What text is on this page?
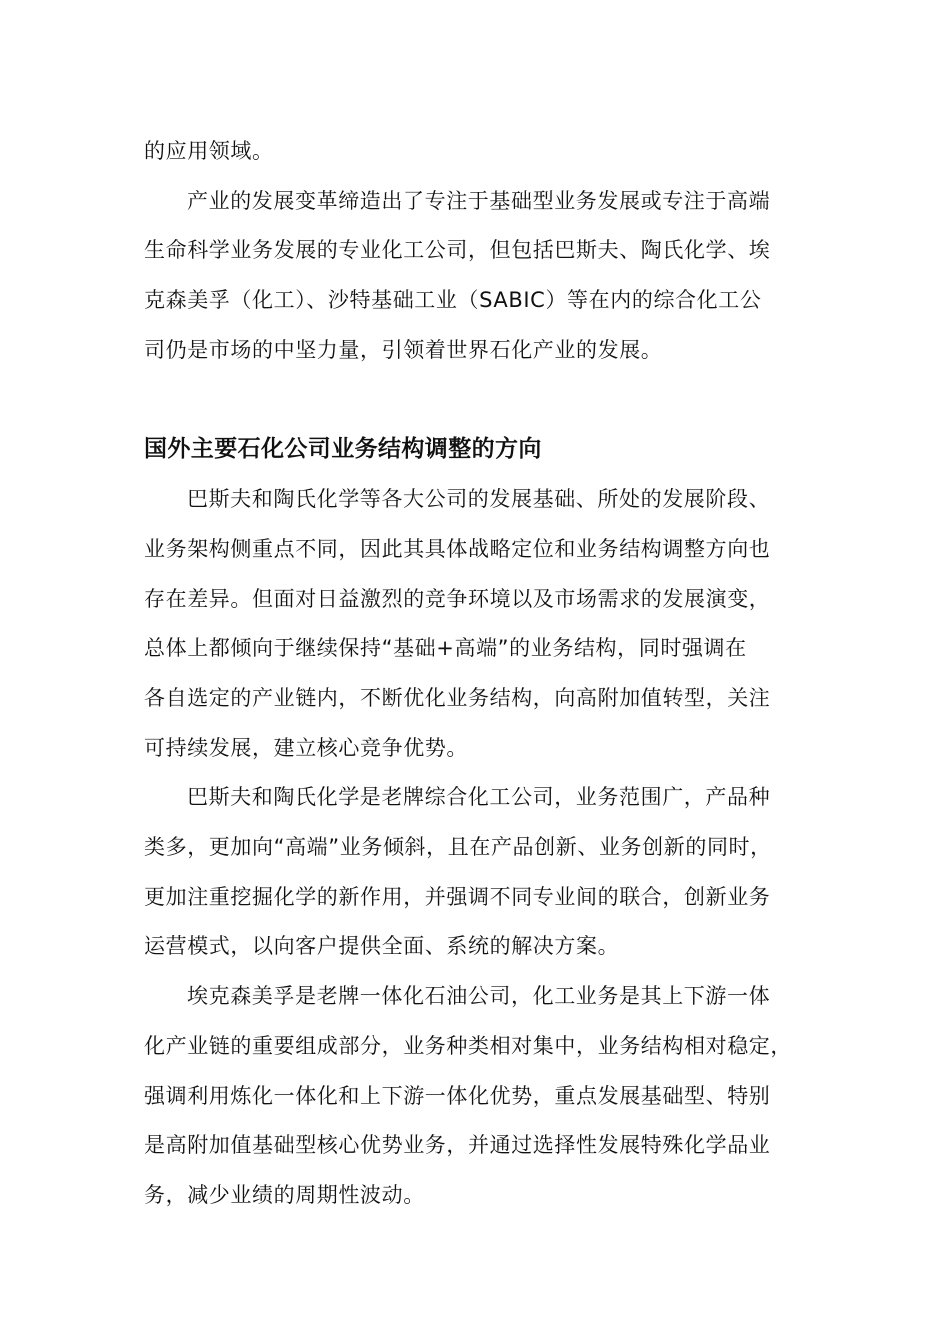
的应用领域。
产业的发展变革缔造出了专注于基础型业务发展或专注于高端
生命科学业务发展的专业化工公司，但包括巴斯夫、陶氏化学、埃
克森美孚（化工）、沙特基础工业（SABIC）等在内的综合化工公
司仍是市场的中坚力量，引领着世界石化产业的发展。
国外主要石化公司业务结构调整的方向
巴斯夫和陶氏化学等各大公司的发展基础、所处的发展阶段、
业务架构侧重点不同，因此其具体战略定位和业务结构调整方向也
存在差异。但面对日益激烈的竞争环境以及市场需求的发展演变，
总体上都倾向于继续保持“基础+高端”的业务结构，同时强调在
各自选定的产业链内，不断优化业务结构，向高附加值转型，关注
可持续发展，建立核心竞争优势。
巴斯夫和陶氏化学是老牌综合化工公司，业务范围广，产品种
类多，更加向“高端”业务倾斜，且在产品创新、业务创新的同时，
更加注重挖掘化学的新作用，并强调不同专业间的联合，创新业务
运营模式，以向客户提供全面、系统的解决方案。
埃克森美孚是老牌一体化石油公司，化工业务是其上下游一体
化产业链的重要组成部分，业务种类相对集中，业务结构相对稳定，
强调利用炼化一体化和上下游一体化优势，重点发展基础型、特别
是高附加值基础型核心优势业务，并通过选择性发展特殊化学品业
务，减少业绩的周期性波动。
